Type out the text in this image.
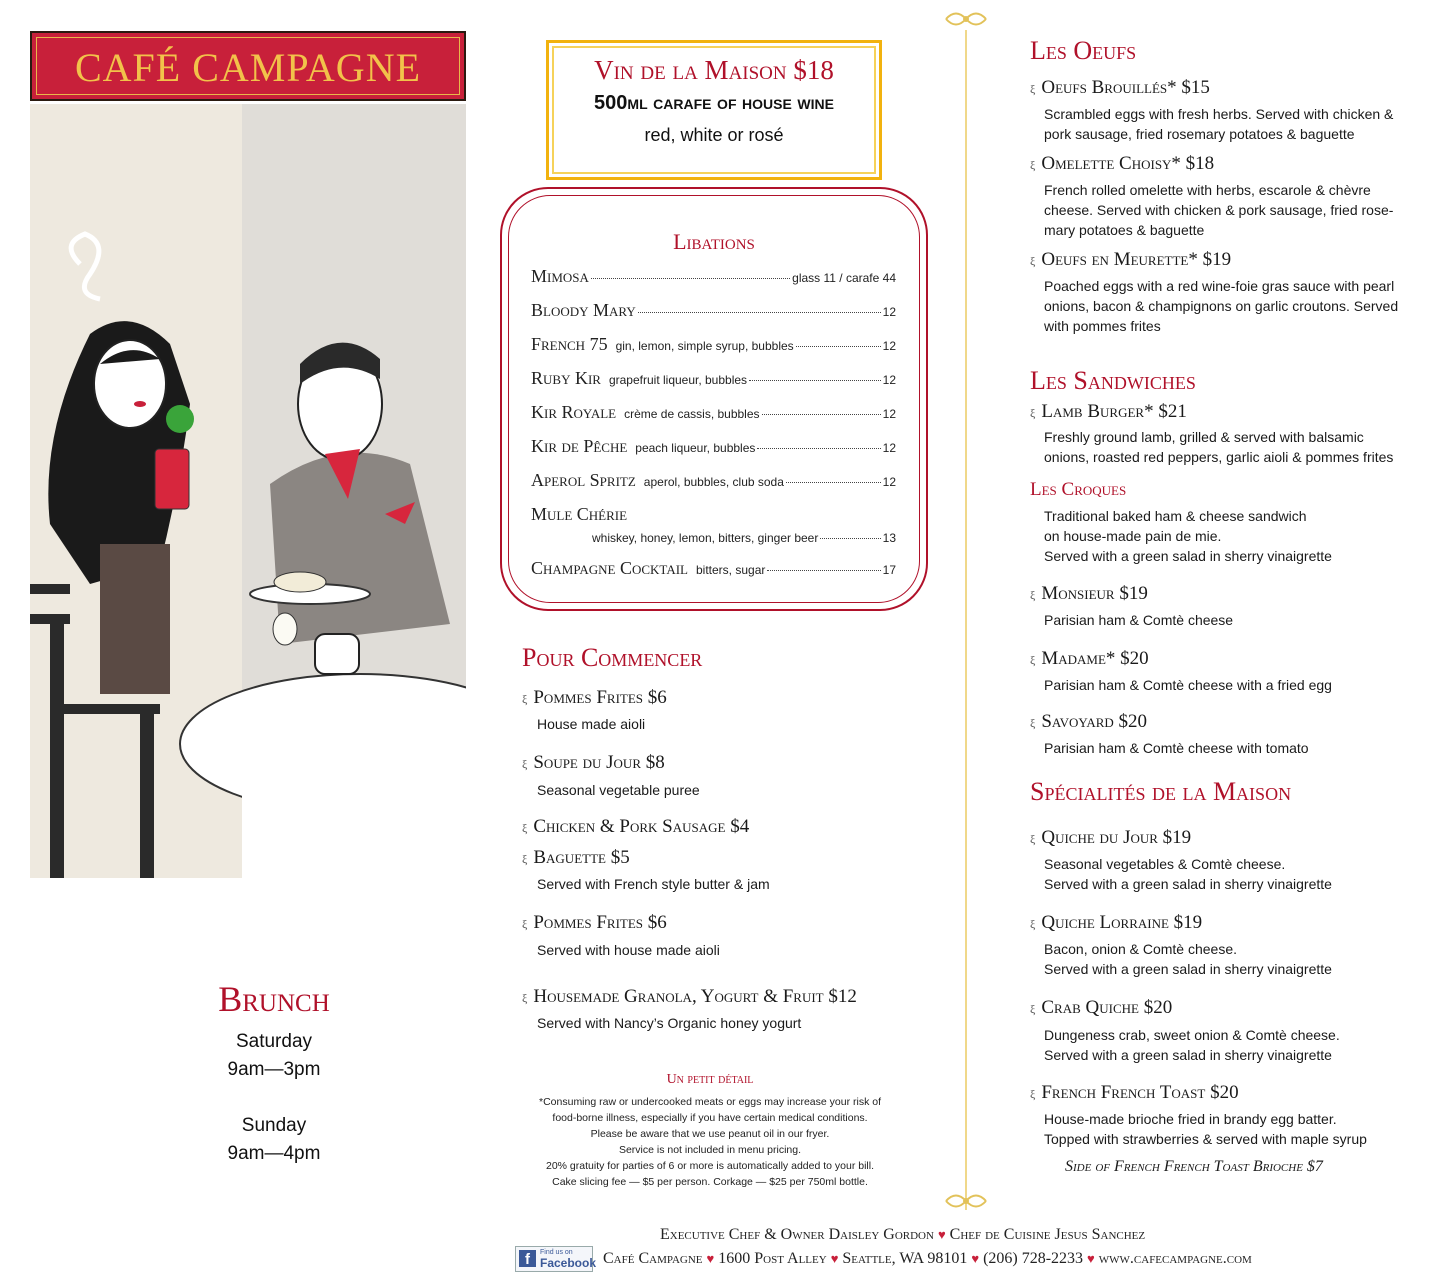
CAFÉ CAMPAGNE
Brunch
Saturday
9am—3pm
Sunday
9am—4pm
Vin de la Maison $18
500ml carafe of house wine
red, white or rosé
Libations
Mimosa	glass 11 / carafe 44
Bloody Mary	12
French 75 gin, lemon, simple syrup, bubbles	12
Ruby Kir grapefruit liqueur, bubbles	12
Kir Royale crème de cassis, bubbles	12
Kir de Pêche peach liqueur, bubbles	12
Aperol Spritz aperol, bubbles, club soda	12
Mule Chérie
whiskey, honey, lemon, bitters, ginger beer	13
Champagne Cocktail bitters, sugar	17
Pour Commencer
ξ Pommes Frites $6
House made aioli
ξ Soupe du Jour $8
Seasonal vegetable puree
ξ Chicken & Pork Sausage $4
ξ Baguette $5
Served with French style butter & jam
ξ Pommes Frites $6
Served with house made aioli
ξ Housemade Granola, Yogurt & Fruit $12
Served with Nancy’s Organic honey yogurt
Un petit détail
*Consuming raw or undercooked meats or eggs may increase your risk of
food-borne illness, especially if you have certain medical conditions.
Please be aware that we use peanut oil in our fryer.
Service is not included in menu pricing.
20% gratuity for parties of 6 or more is automatically added to your bill.
Cake slicing fee — $5 per person. Corkage — $25 per 750ml bottle.
Les Oeufs
ξ Oeufs Brouillés* $15
Scrambled eggs with fresh herbs. Served with chicken &
pork sausage, fried rosemary potatoes & baguette
ξ Omelette Choisy* $18
French rolled omelette with herbs, escarole & chèvre
cheese. Served with chicken & pork sausage, fried rose-
mary potatoes & baguette
ξ Oeufs en Meurette* $19
Poached eggs with a red wine-foie gras sauce with pearl
onions, bacon & champignons on garlic croutons. Served
with pommes frites
Les Sandwiches
ξ Lamb Burger* $21
Freshly ground lamb, grilled & served with balsamic
onions, roasted red peppers, garlic aioli & pommes frites
Les Croques
Traditional baked ham & cheese sandwich
on house-made pain de mie.
Served with a green salad in sherry vinaigrette
ξ Monsieur $19
Parisian ham & Comtè cheese
ξ Madame* $20
Parisian ham & Comtè cheese with a fried egg
ξ Savoyard $20
Parisian ham & Comtè cheese with tomato
Spécialités de la Maison
ξ Quiche du Jour $19
Seasonal vegetables & Comtè cheese.
Served with a green salad in sherry vinaigrette
ξ Quiche Lorraine $19
Bacon, onion & Comtè cheese.
Served with a green salad in sherry vinaigrette
ξ Crab Quiche $20
Dungeness crab, sweet onion & Comtè cheese.
Served with a green salad in sherry vinaigrette
ξ French French Toast $20
House-made brioche fried in brandy egg batter.
Topped with strawberries & served with maple syrup
Side of French French Toast Brioche $7
Executive Chef & Owner Daisley Gordon ♥ Chef de Cuisine Jesus Sanchez
f	Find us on
Facebook Café Campagne ♥ 1600 Post Alley ♥ Seattle, WA 98101 ♥ (206) 728-2233 ♥ www.cafecampagne.com
